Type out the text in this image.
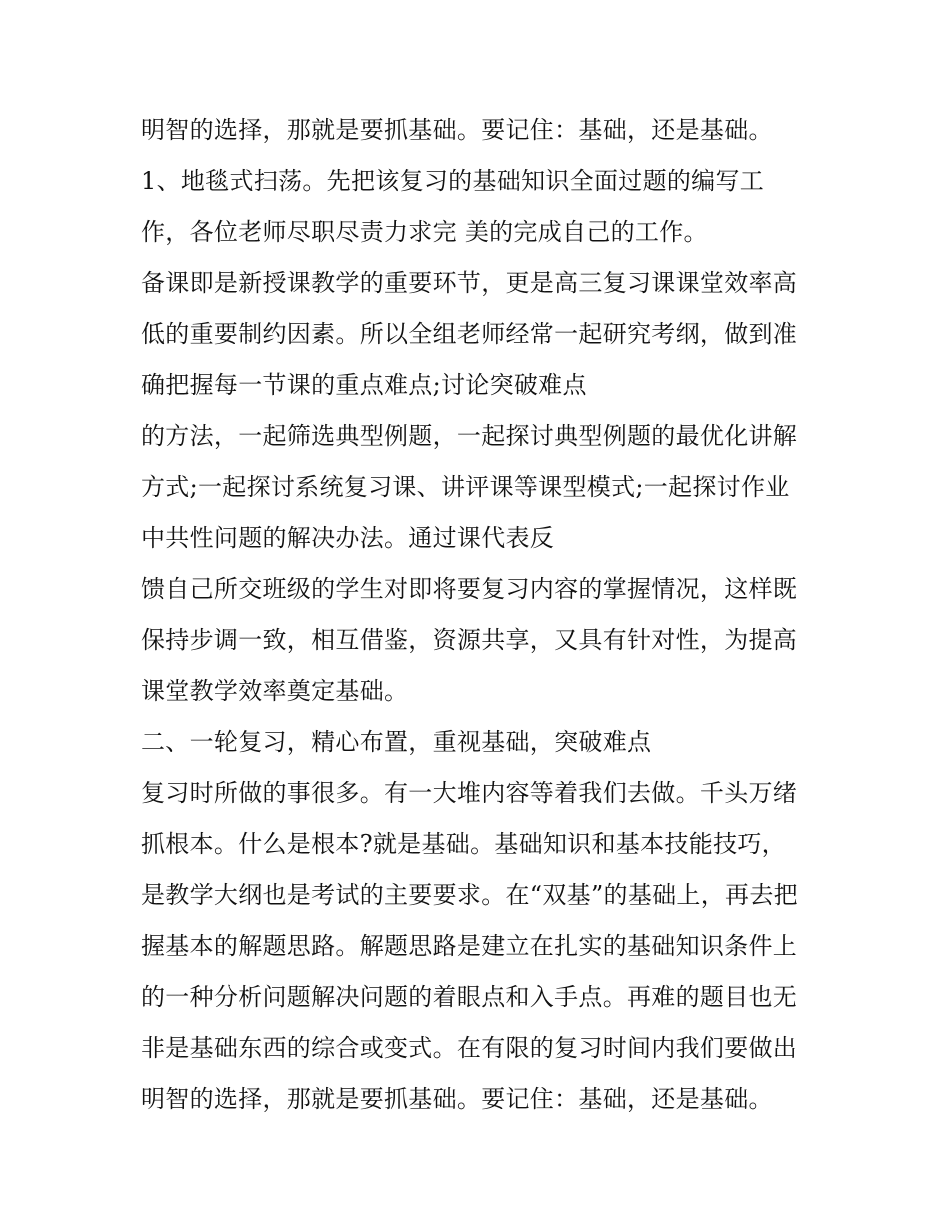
明智的选择，那就是要抓基础。要记住：基础，还是基础。
1、地毯式扫荡。先把该复习的基础知识全面过题的编写工
作，各位老师尽职尽责力求完 美的完成自己的工作。
备课即是新授课教学的重要环节，更是高三复习课课堂效率高
低的重要制约因素。所以全组老师经常一起研究考纲，做到准
确把握每一节课的重点难点;讨论突破难点
的方法，一起筛选典型例题，一起探讨典型例题的最优化讲解
方式;一起探讨系统复习课、讲评课等课型模式;一起探讨作业
中共性问题的解决办法。通过课代表反
馈自己所交班级的学生对即将要复习内容的掌握情况，这样既
保持步调一致，相互借鉴，资源共享，又具有针对性，为提高
课堂教学效率奠定基础。
二、一轮复习，精心布置，重视基础，突破难点
复习时所做的事很多。有一大堆内容等着我们去做。千头万绪
抓根本。什么是根本?就是基础。基础知识和基本技能技巧，
是教学大纲也是考试的主要要求。在“双基”的基础上，再去把
握基本的解题思路。解题思路是建立在扎实的基础知识条件上
的一种分析问题解决问题的着眼点和入手点。再难的题目也无
非是基础东西的综合或变式。在有限的复习时间内我们要做出
明智的选择，那就是要抓基础。要记住：基础，还是基础。
